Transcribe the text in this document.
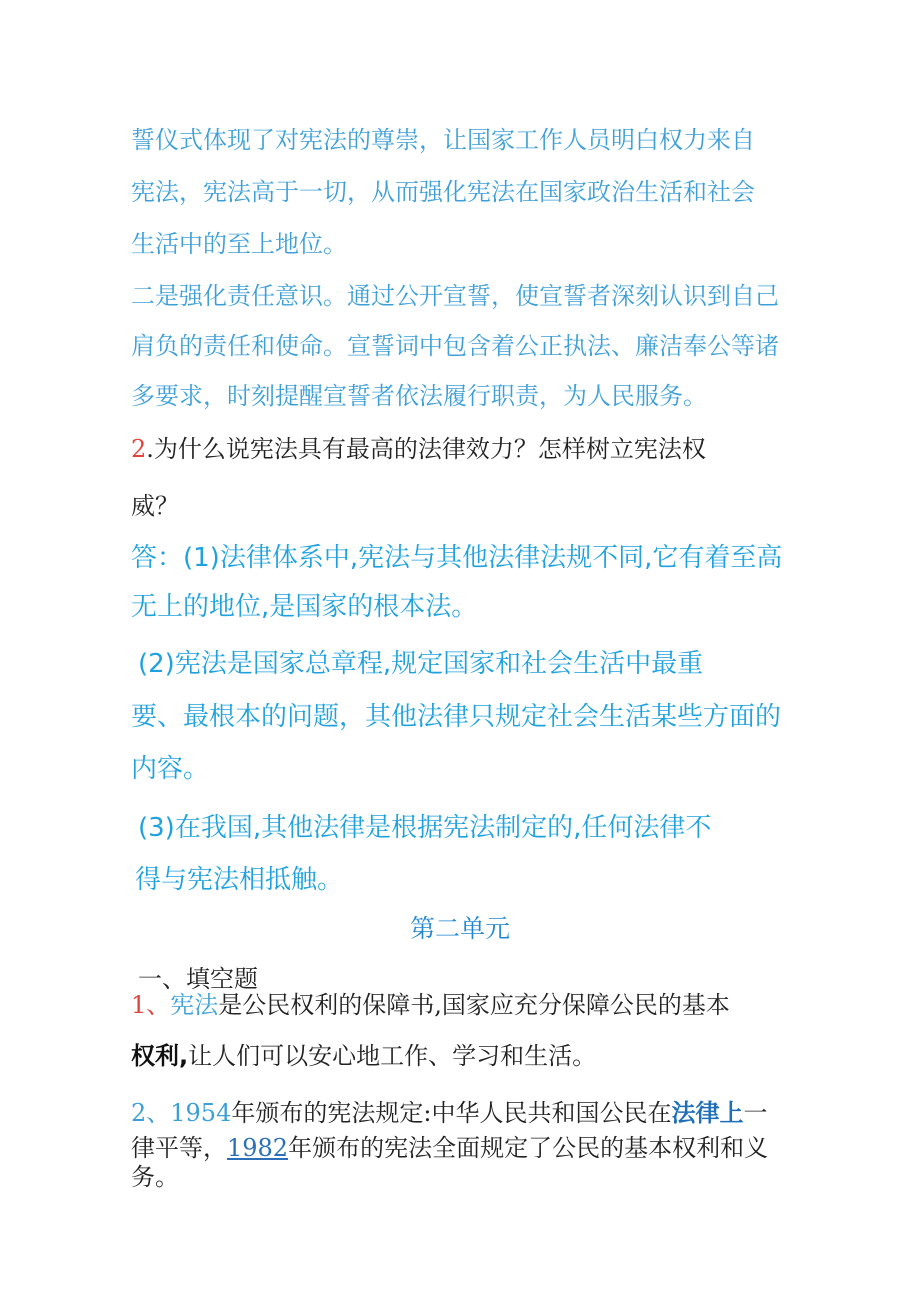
誓仪式体现了对宪法的尊崇，让国家工作人员明白权力来自
宪法，宪法高于一切，从而强化宪法在国家政治生活和社会
生活中的至上地位。
二是强化责任意识。通过公开宣誓，使宣誓者深刻认识到自己
肩负的责任和使命。宣誓词中包含着公正执法、廉洁奉公等诸
多要求，时刻提醒宣誓者依法履行职责，为人民服务。
2.为什么说宪法具有最高的法律效力？怎样树立宪法权
威？
答：(1)法律体系中,宪法与其他法律法规不同,它有着至高
无上的地位,是国家的根本法。
(2)宪法是国家总章程,规定国家和社会生活中最重
要、最根本的问题，其他法律只规定社会生活某些方面的
内容。
(3)在我国,其他法律是根据宪法制定的,任何法律不
得与宪法相抵触。
第二单元
一、填空题
1、宪法是公民权利的保障书,国家应充分保障公民的基本
权利,让人们可以安心地工作、学习和生活。
2、1954年颁布的宪法规定:中华人民共和国公民在法律上一
律平等，1982年颁布的宪法全面规定了公民的基本权利和义
务。
